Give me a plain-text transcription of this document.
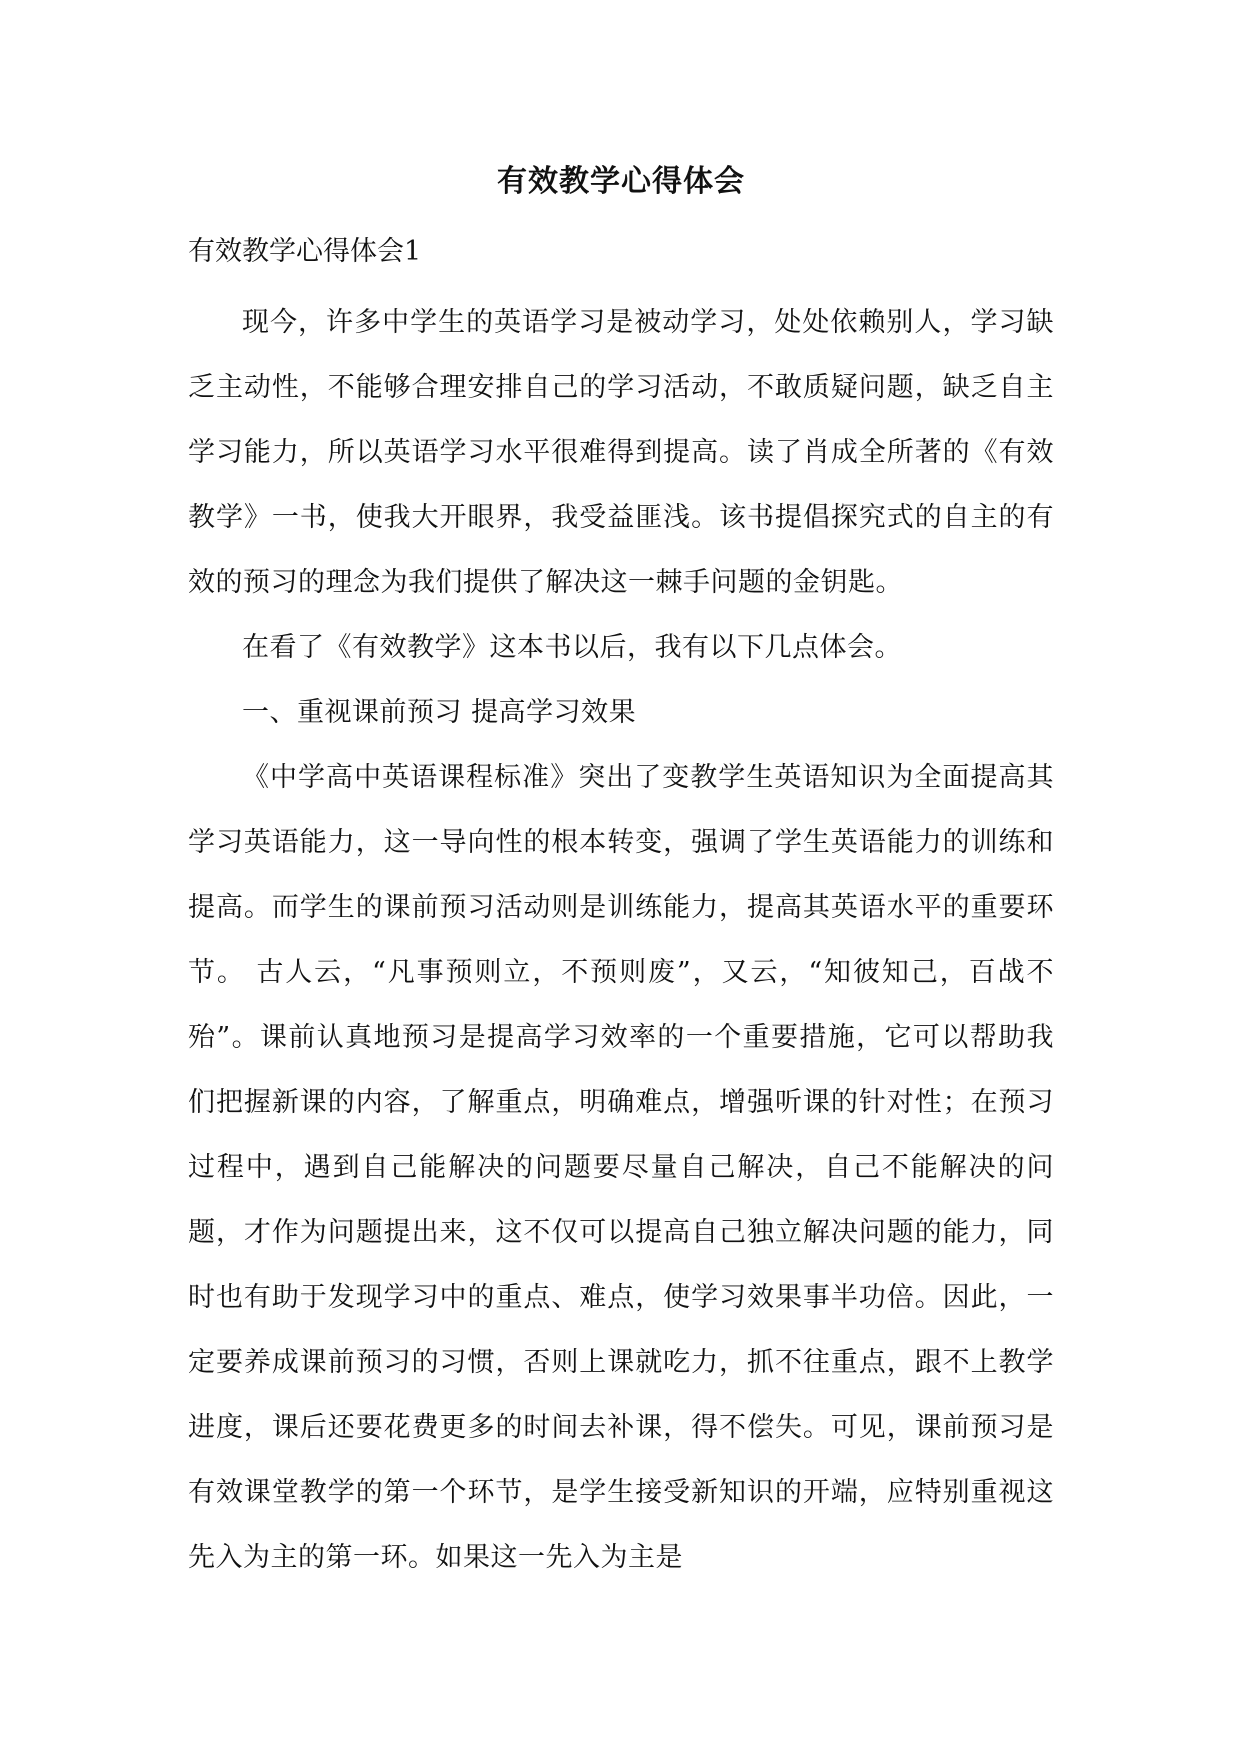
有效教学心得体会
有效教学心得体会1

现今，许多中学生的英语学习是被动学习，处处依赖别人，学习缺乏主动性，不能够合理安排自己的学习活动，不敢质疑问题，缺乏自主学习能力，所以英语学习水平很难得到提高。读了肖成全所著的《有效教学》一书，使我大开眼界，我受益匪浅。该书提倡探究式的自主的有效的预习的理念为我们提供了解决这一棘手问题的金钥匙。

在看了《有效教学》这本书以后，我有以下几点体会。

一、重视课前预习 提高学习效果

《中学高中英语课程标准》突出了变教学生英语知识为全面提高其学习英语能力，这一导向性的根本转变，强调了学生英语能力的训练和提高。而学生的课前预习活动则是训练能力，提高其英语水平的重要环节。 古人云，“凡事预则立，不预则废”，又云，“知彼知己，百战不殆”。课前认真地预习是提高学习效率的一个重要措施，它可以帮助我们把握新课的内容，了解重点，明确难点，增强听课的针对性；在预习过程中，遇到自己能解决的问题要尽量自己解决，自己不能解决的问题，才作为问题提出来，这不仅可以提高自己独立解决问题的能力，同时也有助于发现学习中的重点、难点，使学习效果事半功倍。因此，一定要养成课前预习的习惯，否则上课就吃力，抓不往重点，跟不上教学进度，课后还要花费更多的时间去补课，得不偿失。可见，课前预习是有效课堂教学的第一个环节，是学生接受新知识的开端，应特别重视这先入为主的第一环。如果这一先入为主是
